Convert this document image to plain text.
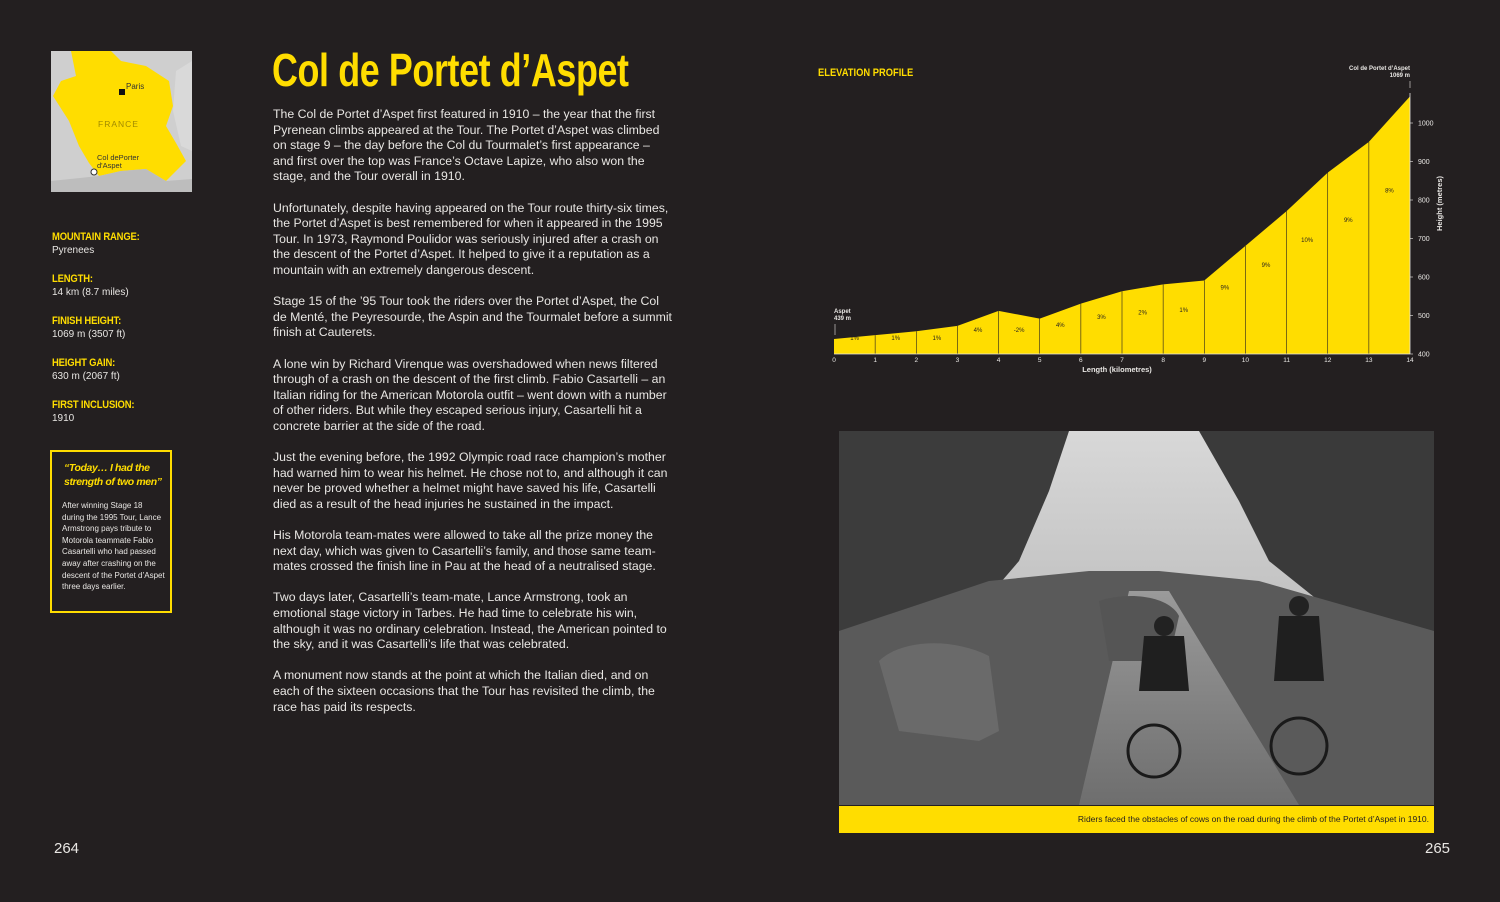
Paris
FRANCE
Col dePorter
d'Aspet
MOUNTAIN RANGE:
Pyrenees
LENGTH:
14 km (8.7 miles)
FINISH HEIGHT:
1069 m (3507 ft)
HEIGHT GAIN:
630 m (2067 ft)
FIRST INCLUSION:
1910
“Today… I had the strength of two men”
After winning Stage 18 during the 1995 Tour, Lance Armstrong pays tribute to Motorola teammate Fabio Casartelli who had passed away after crashing on the descent of the Portet d’Aspet three days earlier.
Col de Portet d’Aspet

The Col de Portet d’Aspet first featured in 1910 – the year that the first Pyrenean climbs appeared at the Tour. The Portet d’Aspet was climbed on stage 9 – the day before the Col du Tourmalet’s first appearance – and first over the top was France’s Octave Lapize, who also won the stage, and the Tour overall in 1910.

Unfortunately, despite having appeared on the Tour route thirty-six times, the Portet d’Aspet is best remembered for when it appeared in the 1995 Tour. In 1973, Raymond Poulidor was seriously injured after a crash on the descent of the Portet d’Aspet. It helped to give it a reputation as a mountain with an extremely dangerous descent.

Stage 15 of the ’95 Tour took the riders over the Portet d’Aspet, the Col de Menté, the Peyresourde, the Aspin and the Tourmalet before a summit finish at Cauterets.

A lone win by Richard Virenque was overshadowed when news filtered through of a crash on the descent of the first climb. Fabio Casartelli – an Italian riding for the American Motorola outfit – went down with a number of other riders. But while they escaped serious injury, Casartelli hit a concrete barrier at the side of the road.

Just the evening before, the 1992 Olympic road race champion’s mother had warned him to wear his helmet. He chose not to, and although it can never be proved whether a helmet might have saved his life, Casartelli died as a result of the head injuries he sustained in the impact.

His Motorola team-mates were allowed to take all the prize money the next day, which was given to Casartelli’s family, and those same team-mates crossed the finish line in Pau at the head of a neutralised stage.

Two days later, Casartelli’s team-mate, Lance Armstrong, took an emotional stage victory in Tarbes. He had time to celebrate his win, although it was no ordinary celebration. Instead, the American pointed to the sky, and it was Casartelli’s life that was celebrated.

A monument now stands at the point at which the Italian died, and on each of the sixteen occasions that the Tour has revisited the climb, the race has paid its respects.

264	265
ELEVATION PROFILE
1%	1%	1%
4%	-2%
4%
3%
2%	1%
9%
9%
10%
9%
8%
0	1	2	3	4	5	6	7	8	9	10	11	12	13	14
400
500
600
700
800
900
1000
Length (kilometres)
Height (metres)
Aspet
439 m
Col de Portet d’Aspet
1069 m
Riders faced the obstacles of cows on the road during the climb of the Portet d’Aspet in 1910.
